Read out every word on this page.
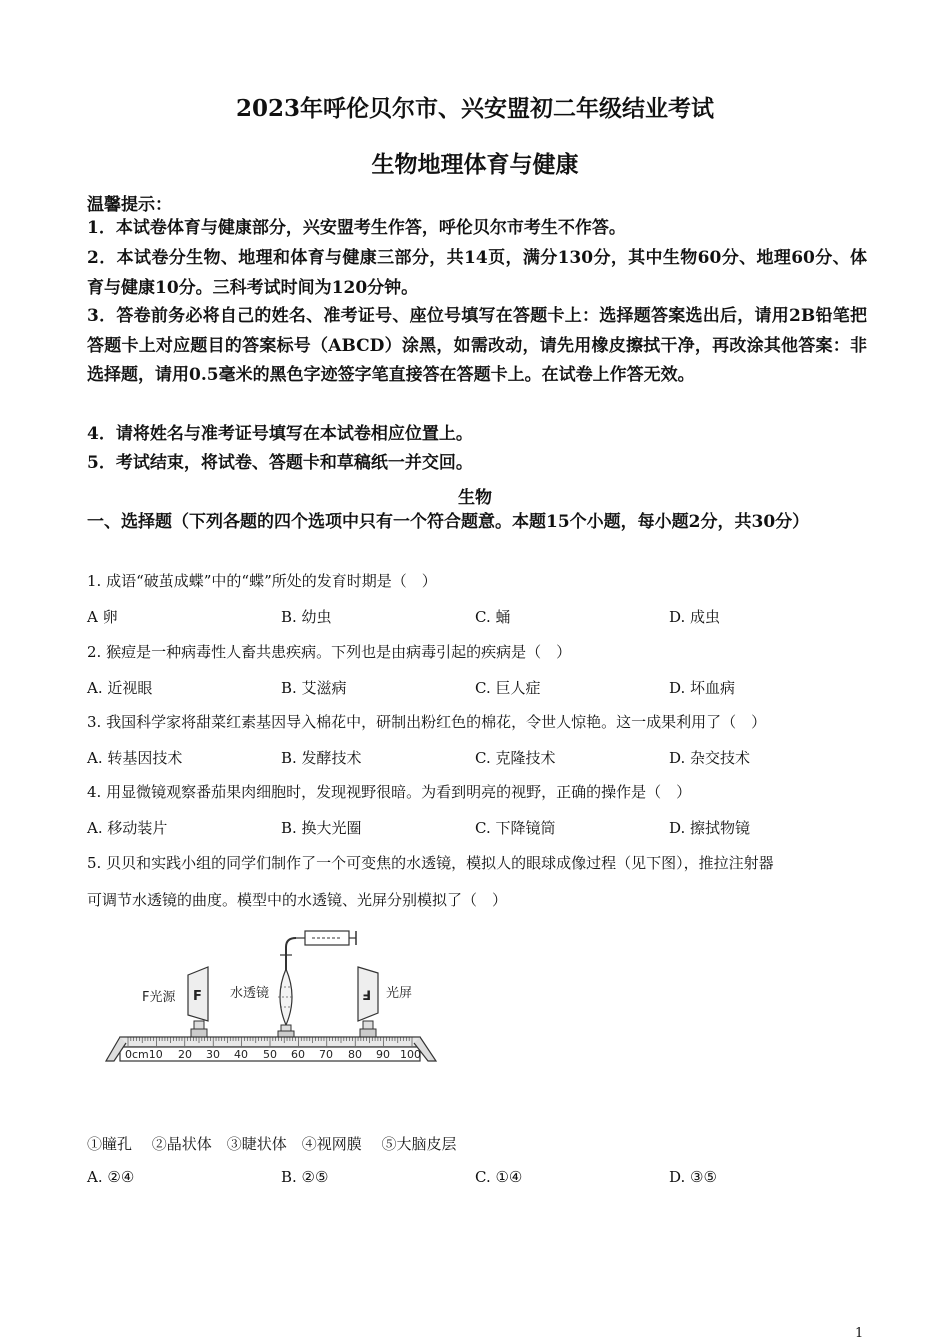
2023年呼伦贝尔市、兴安盟初二年级结业考试
生物地理体育与健康
温馨提示：
1．本试卷体育与健康部分，兴安盟考生作答，呼伦贝尔市考生不作答。
2．本试卷分生物、地理和体育与健康三部分，共14页，满分130分，其中生物60分、地理60分、体育与健康10分。三科考试时间为120分钟。
3．答卷前务必将自己的姓名、准考证号、座位号填写在答题卡上：选择题答案选出后，请用2B铅笔把答题卡上对应题目的答案标号（ABCD）涂黑，如需改动，请先用橡皮擦拭干净，再改涂其他答案：非选择题，请用0.5毫米的黑色字迹签字笔直接答在答题卡上。在试卷上作答无效。
4．请将姓名与准考证号填写在本试卷相应位置上。
5．考试结束，将试卷、答题卡和草稿纸一并交回。
生物
一、选择题（下列各题的四个选项中只有一个符合题意。本题15个小题，每小题2分，共30分）
1. 成语“破茧成蝶”中的“蝶”所处的发育时期是（　）
A 卵	B. 幼虫	C. 蛹	D. 成虫
2. 猴痘是一种病毒性人畜共患疾病。下列也是由病毒引起的疾病是（　）
A. 近视眼	B. 艾滋病	C. 巨人症	D. 坏血病
3. 我国科学家将甜菜红素基因导入棉花中，研制出粉红色的棉花，令世人惊艳。这一成果利用了（　）
A. 转基因技术	B. 发酵技术	C. 克隆技术	D. 杂交技术
4. 用显微镜观察番茄果肉细胞时，发现视野很暗。为看到明亮的视野，正确的操作是（　）
A. 移动装片	B. 换大光圈	C. 下降镜筒	D. 擦拭物镜
5. 贝贝和实践小组的同学们制作了一个可变焦的水透镜，模拟人的眼球成像过程（见下图），推拉注射器
可调节水透镜的曲度。模型中的水透镜、光屏分别模拟了（　）
F	Ⅎ
F光源	水透镜	光屏
0cm10 20 30 40 50 60 70 80 90 100
①瞳孔　 ②晶状体　③睫状体　④视网膜　 ⑤大脑皮层
A. ②④	B. ②⑤	C. ①④	D. ③⑤
1
